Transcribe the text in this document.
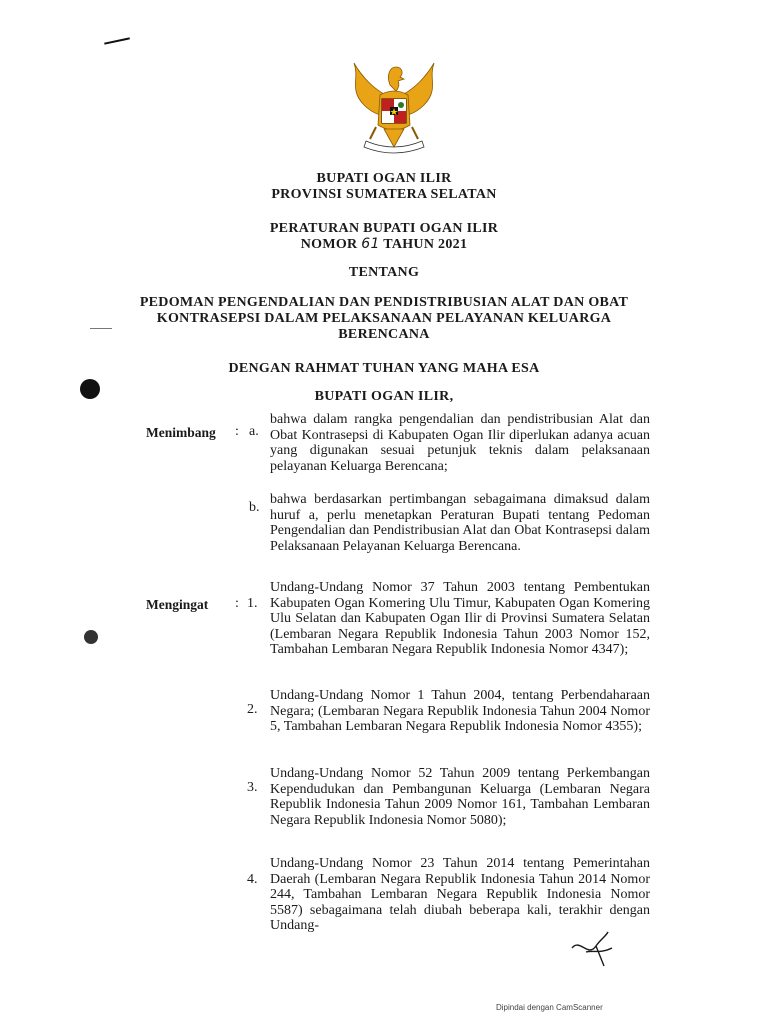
BUPATI OGAN ILIR
PROVINSI SUMATERA SELATAN
PERATURAN BUPATI OGAN ILIR
NOMOR 61 TAHUN 2021
TENTANG
PEDOMAN PENGENDALIAN DAN PENDISTRIBUSIAN ALAT DAN OBAT
KONTRASEPSI DALAM PELAKSANAAN PELAYANAN KELUARGA
BERENCANA
DENGAN RAHMAT TUHAN YANG MAHA ESA
BUPATI OGAN ILIR,
Menimbang : a.
bahwa dalam rangka pengendalian dan pendistribusian Alat dan Obat Kontrasepsi di Kabupaten Ogan Ilir diperlukan adanya acuan yang digunakan sesuai petunjuk teknis dalam pelaksanaan pelayanan Keluarga Berencana;
b.
bahwa berdasarkan pertimbangan sebagaimana dimaksud dalam huruf a, perlu menetapkan Peraturan Bupati tentang Pedoman Pengendalian dan Pendistribusian Alat dan Obat Kontrasepsi dalam Pelaksanaan Pelayanan Keluarga Berencana.
Mengingat : 1.
Undang-Undang Nomor 37 Tahun 2003 tentang Pembentukan Kabupaten Ogan Komering Ulu Timur, Kabupaten Ogan Komering Ulu Selatan dan Kabupaten Ogan Ilir di Provinsi Sumatera Selatan (Lembaran Negara Republik Indonesia Tahun 2003 Nomor 152, Tambahan Lembaran Negara Republik Indonesia Nomor 4347);
2.
Undang-Undang Nomor 1 Tahun 2004, tentang Perbendaharaan Negara; (Lembaran Negara Republik Indonesia Tahun 2004 Nomor 5, Tambahan Lembaran Negara Republik Indonesia Nomor 4355);
3.
Undang-Undang Nomor 52 Tahun 2009 tentang Perkembangan Kependudukan dan Pembangunan Keluarga (Lembaran Negara Republik Indonesia Tahun 2009 Nomor 161, Tambahan Lembaran Negara Republik Indonesia Nomor 5080);
4.
Undang-Undang Nomor 23 Tahun 2014 tentang Pemerintahan Daerah (Lembaran Negara Republik Indonesia Tahun 2014 Nomor 244, Tambahan Lembaran Negara Republik Indonesia Nomor 5587) sebagaimana telah diubah beberapa kali, terakhir dengan Undang-
Dipindai dengan CamScanner
